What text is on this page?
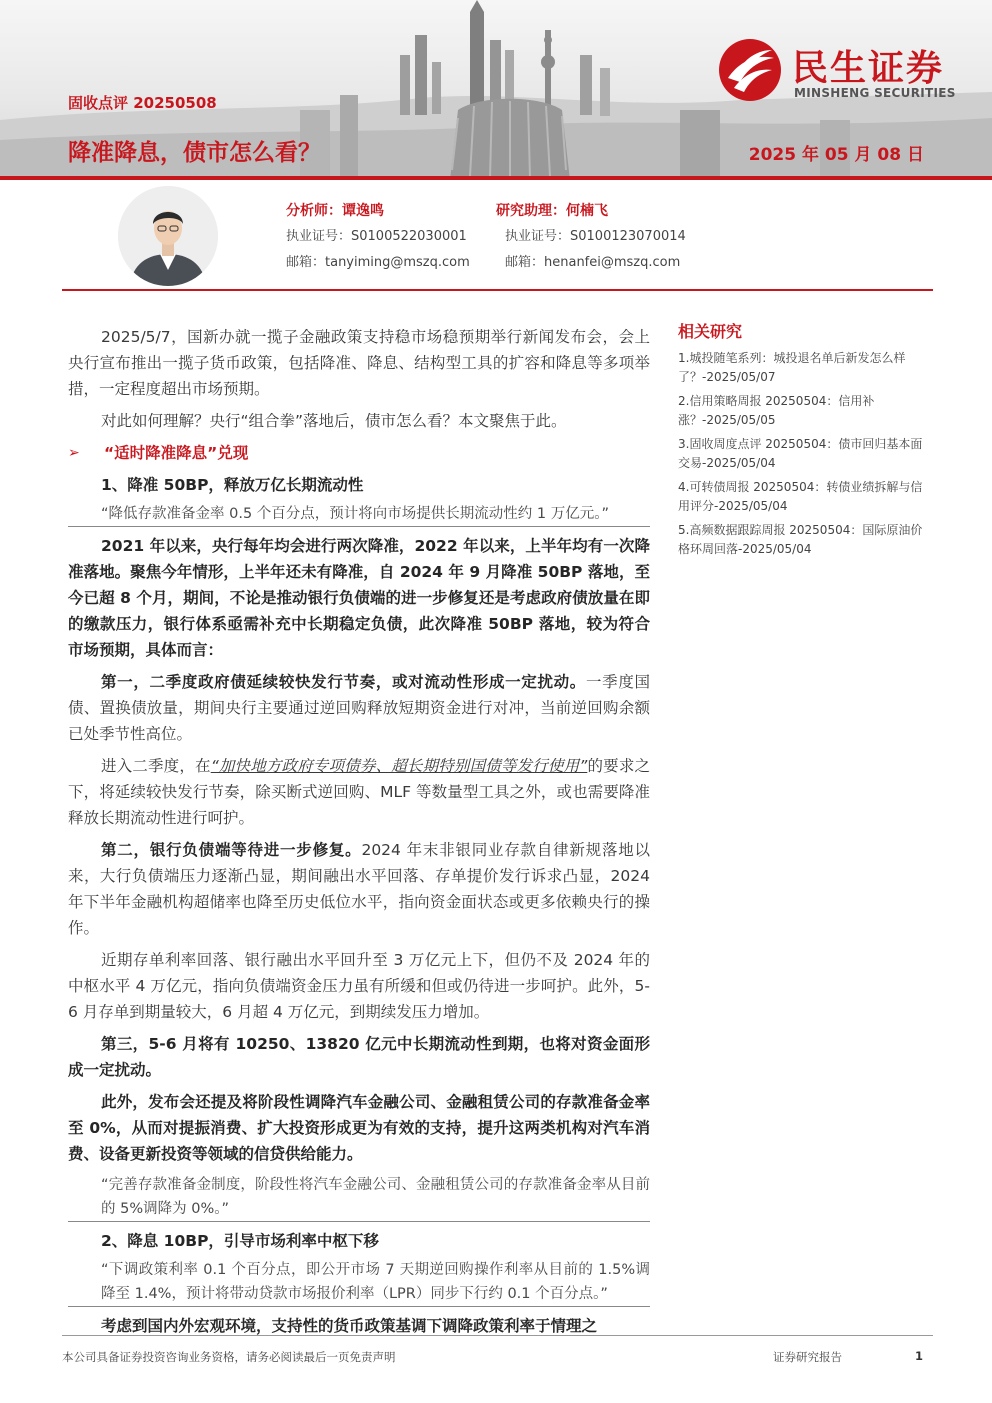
民生证券
MINSHENG SECURITIES
固收点评 20250508
降准降息，债市怎么看？	2025 年 05 月 08 日
分析师：谭逸鸣
执业证号：S0100522030001
邮箱：tanyiming@mszq.com
研究助理：何楠飞
执业证号：S0100123070014
邮箱：henanfei@mszq.com

2025/5/7，国新办就一揽子金融政策支持稳市场稳预期举行新闻发布会，会上央行宣布推出一揽子货币政策，包括降准、降息、结构型工具的扩容和降息等多项举措，一定程度超出市场预期。

对此如何理解？央行“组合拳”落地后，债市怎么看？本文聚焦于此。

➢	“适时降准降息”兑现
1、降准 50BP，释放万亿长期流动性
“降低存款准备金率 0.5 个百分点，预计将向市场提供长期流动性约 1 万亿元。”

2021 年以来，央行每年均会进行两次降准，2022 年以来，上半年均有一次降准落地。聚焦今年情形，上半年还未有降准，自 2024 年 9 月降准 50BP 落地，至今已超 8 个月，期间，不论是推动银行负债端的进一步修复还是考虑政府债放量在即的缴款压力，银行体系亟需补充中长期稳定负债，此次降准 50BP 落地，较为符合市场预期，具体而言：

第一，二季度政府债延续较快发行节奏，或对流动性形成一定扰动。一季度国债、置换债放量，期间央行主要通过逆回购释放短期资金进行对冲，当前逆回购余额已处季节性高位。

进入二季度，在“加快地方政府专项债券、超长期特别国债等发行使用”的要求之下，将延续较快发行节奏，除买断式逆回购、MLF 等数量型工具之外，或也需要降准释放长期流动性进行呵护。

第二，银行负债端等待进一步修复。2024 年末非银同业存款自律新规落地以来，大行负债端压力逐渐凸显，期间融出水平回落、存单提价发行诉求凸显，2024 年下半年金融机构超储率也降至历史低位水平，指向资金面状态或更多依赖央行的操作。

近期存单利率回落、银行融出水平回升至 3 万亿元上下，但仍不及 2024 年的中枢水平 4 万亿元，指向负债端资金压力虽有所缓和但或仍待进一步呵护。此外，5-6 月存单到期量较大，6 月超 4 万亿元，到期续发压力增加。

第三，5-6 月将有 10250、13820 亿元中长期流动性到期，也将对资金面形成一定扰动。

此外，发布会还提及将阶段性调降汽车金融公司、金融租赁公司的存款准备金率至 0%，从而对提振消费、扩大投资形成更为有效的支持，提升这两类机构对汽车消费、设备更新投资等领域的信贷供给能力。

“完善存款准备金制度，阶段性将汽车金融公司、金融租赁公司的存款准备金率从目前的 5%调降为 0%。”
2、降息 10BP，引导市场利率中枢下移
“下调政策利率 0.1 个百分点，即公开市场 7 天期逆回购操作利率从目前的 1.5%调降至 1.4%，预计将带动贷款市场报价利率（LPR）同步下行约 0.1 个百分点。”

考虑到国内外宏观环境，支持性的货币政策基调下调降政策利率于情理之

相关研究
1.城投随笔系列：城投退名单后新发怎么样了？-2025/05/07
2.信用策略周报 20250504：信用补涨？-2025/05/05
3.固收周度点评 20250504：债市回归基本面交易-2025/05/04
4.可转债周报 20250504：转债业绩拆解与信用评分-2025/05/04
5.高频数据跟踪周报 20250504：国际原油价格环周回落-2025/05/04
本公司具备证券投资咨询业务资格，请务必阅读最后一页免责声明	证券研究报告	1
